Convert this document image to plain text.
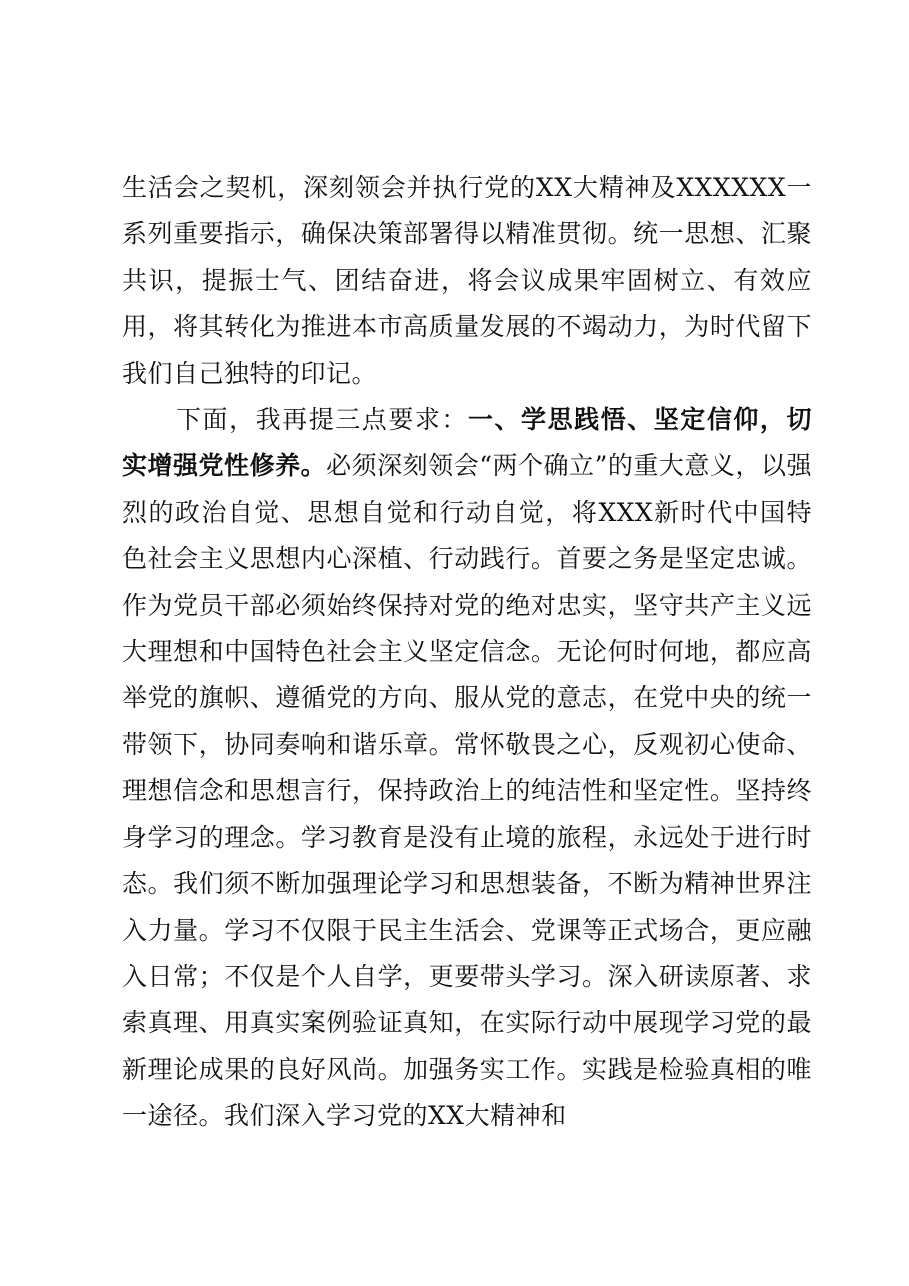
生活会之契机，深刻领会并执行党的XX大精神及XXXXXX一系列重要指示，确保决策部署得以精准贯彻。统一思想、汇聚共识，提振士气、团结奋进，将会议成果牢固树立、有效应用，将其转化为推进本市高质量发展的不竭动力，为时代留下我们自己独特的印记。

下面，我再提三点要求：一、学思践悟、坚定信仰，切实增强党性修养。必须深刻领会“两个确立”的重大意义，以强烈的政治自觉、思想自觉和行动自觉，将XXX新时代中国特色社会主义思想内心深植、行动践行。首要之务是坚定忠诚。作为党员干部必须始终保持对党的绝对忠实，坚守共产主义远大理想和中国特色社会主义坚定信念。无论何时何地，都应高举党的旗帜、遵循党的方向、服从党的意志，在党中央的统一带领下，协同奏响和谐乐章。常怀敬畏之心，反观初心使命、理想信念和思想言行，保持政治上的纯洁性和坚定性。坚持终身学习的理念。学习教育是没有止境的旅程，永远处于进行时态。我们须不断加强理论学习和思想装备，不断为精神世界注入力量。学习不仅限于民主生活会、党课等正式场合，更应融入日常；不仅是个人自学，更要带头学习。深入研读原著、求索真理、用真实案例验证真知，在实际行动中展现学习党的最新理论成果的良好风尚。加强务实工作。实践是检验真相的唯一途径。我们深入学习党的XX大精神和
